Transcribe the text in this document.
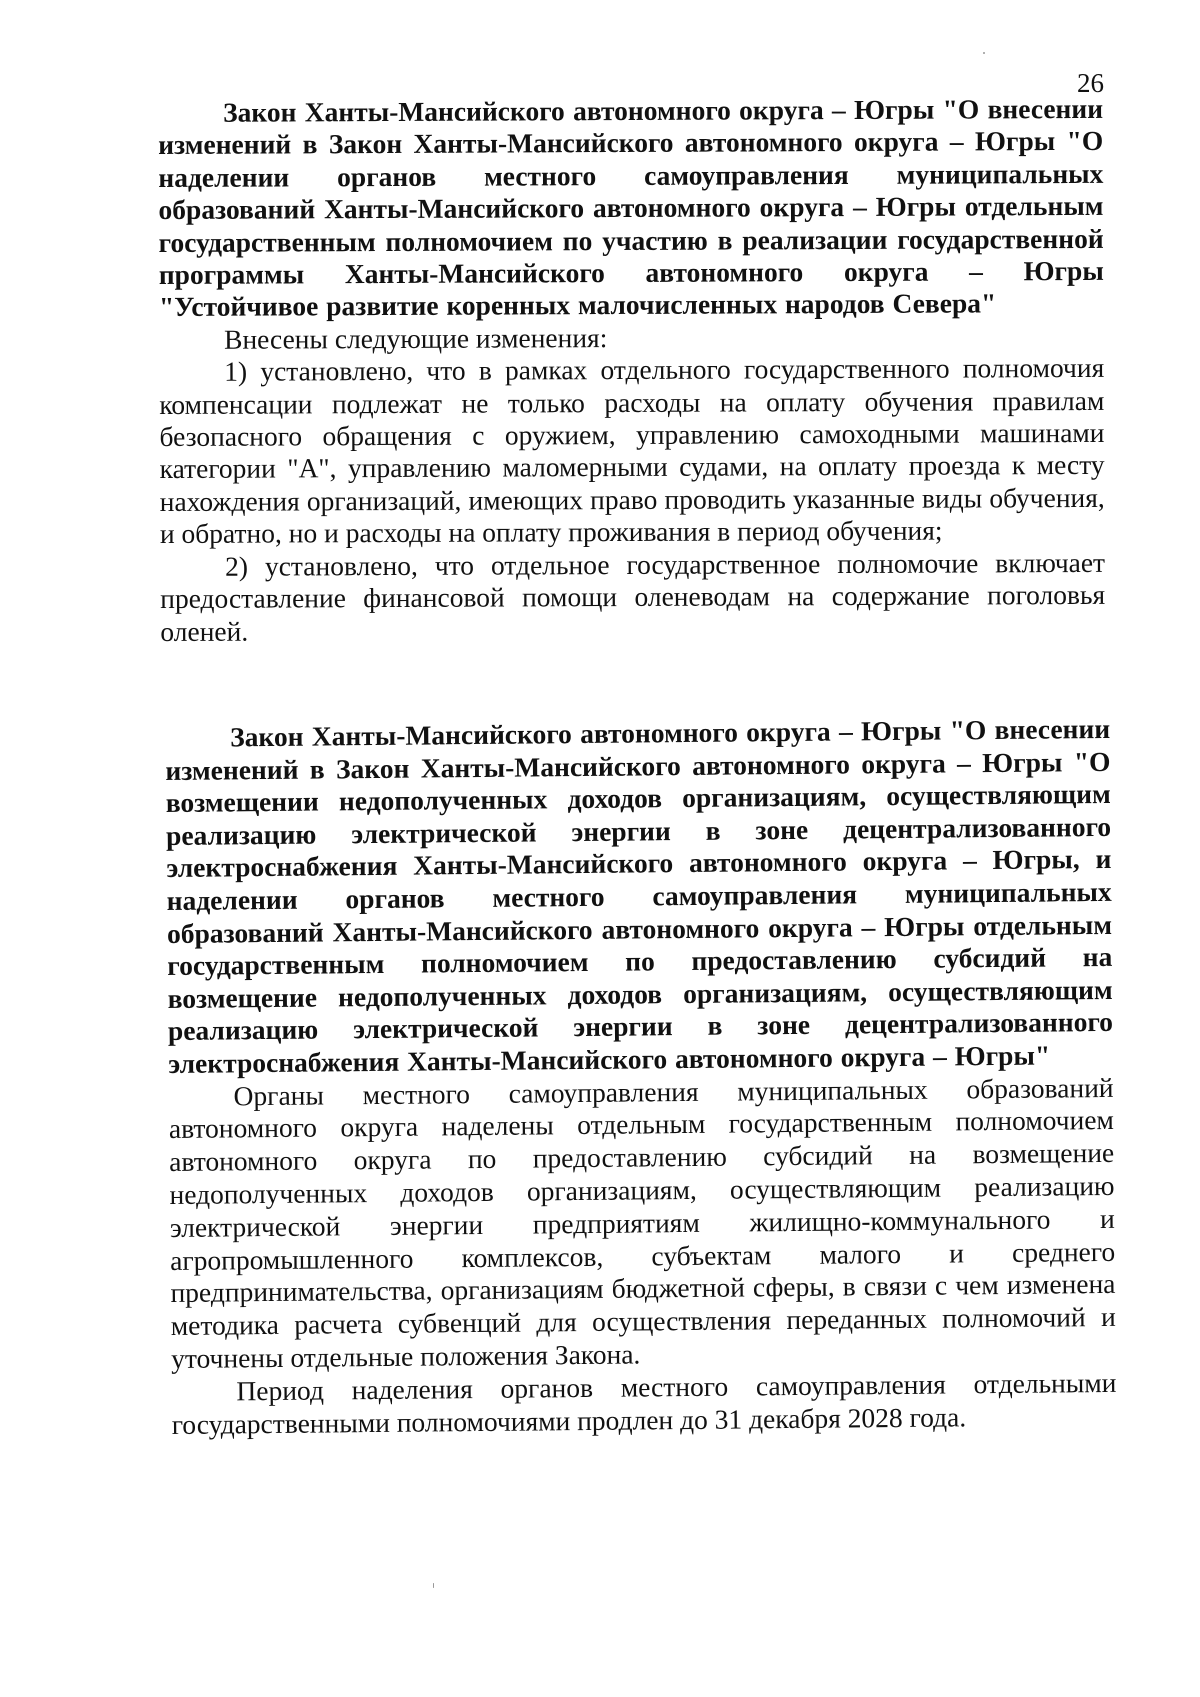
26

Закон Ханты-Мансийского автономного округа – Югры "О внесении изменений в Закон Ханты-Мансийского автономного округа – Югры "О наделении органов местного самоуправления муниципальных образований Ханты-Мансийского автономного округа – Югры отдельным государственным полномочием по участию в реализации государственной программы Ханты-Мансийского автономного округа – Югры "Устойчивое развитие коренных малочисленных народов Севера"

Внесены следующие изменения:

1) установлено, что в рамках отдельного государственного полномочия компенсации подлежат не только расходы на оплату обучения правилам безопасного обращения с оружием, управлению самоходными машинами категории "А", управлению маломерными судами, на оплату проезда к месту нахождения организаций, имеющих право проводить указанные виды обучения, и обратно, но и расходы на оплату проживания в период обучения;

2) установлено, что отдельное государственное полномочие включает предоставление финансовой помощи оленеводам на содержание поголовья оленей.

Закон Ханты-Мансийского автономного округа – Югры "О внесении изменений в Закон Ханты-Мансийского автономного округа – Югры "О возмещении недополученных доходов организациям, осуществляющим реализацию электрической энергии в зоне децентрализованного электроснабжения Ханты-Мансийского автономного округа – Югры, и наделении органов местного самоуправления муниципальных образований Ханты-Мансийского автономного округа – Югры отдельным государственным полномочием по предоставлению субсидий на возмещение недополученных доходов организациям, осуществляющим реализацию электрической энергии в зоне децентрализованного электроснабжения Ханты-Мансийского автономного округа – Югры"

Органы местного самоуправления муниципальных образований автономного округа наделены отдельным государственным полномочием автономного округа по предоставлению субсидий на возмещение недополученных доходов организациям, осуществляющим реализацию электрической энергии предприятиям жилищно-коммунального и агропромышленного комплексов, субъектам малого и среднего предпринимательства, организациям бюджетной сферы, в связи с чем изменена методика расчета субвенций для осуществления переданных полномочий и уточнены отдельные положения Закона.

Период наделения органов местного самоуправления отдельными государственными полномочиями продлен до 31 декабря 2028 года.
